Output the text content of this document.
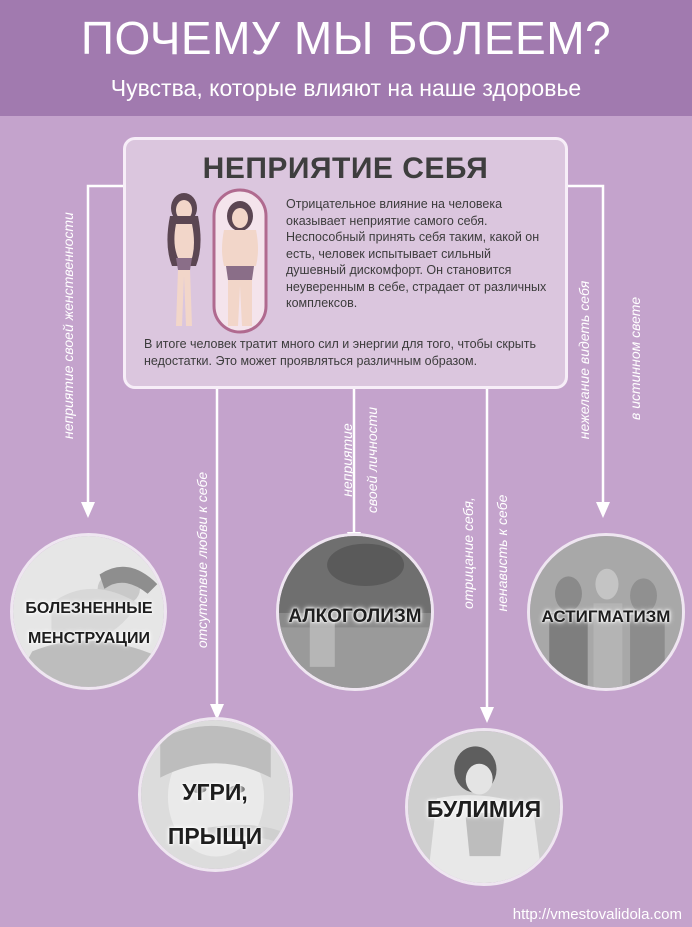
ПОЧЕМУ МЫ БОЛЕЕМ?
Чувства, которые влияют на наше здоровье
НЕПРИЯТИЕ СЕБЯ
Отрицательное влияние на человека оказывает неприятие самого себя. Неспособный принять себя таким, какой он есть, человек испытывает сильный душевный дискомфорт. Он становится неуверенным в себе, страдает от различных комплексов.
В итоге человек тратит много сил и энергии для того, чтобы скрыть недостатки. Это может проявляться различным образом.
неприятие своей женственности
отсутствие любви к себе
неприятие своей личности
отрицание себя, ненависть к себе
нежелание видеть себя	в истинном свете
БОЛЕЗНЕННЫЕ
МЕНСТРУАЦИИ
АЛКОГОЛИЗМ	АСТИГМАТИЗМ
УГРИ,
ПРЫЩИ
БУЛИМИЯ
http://vmestovalidola.com
